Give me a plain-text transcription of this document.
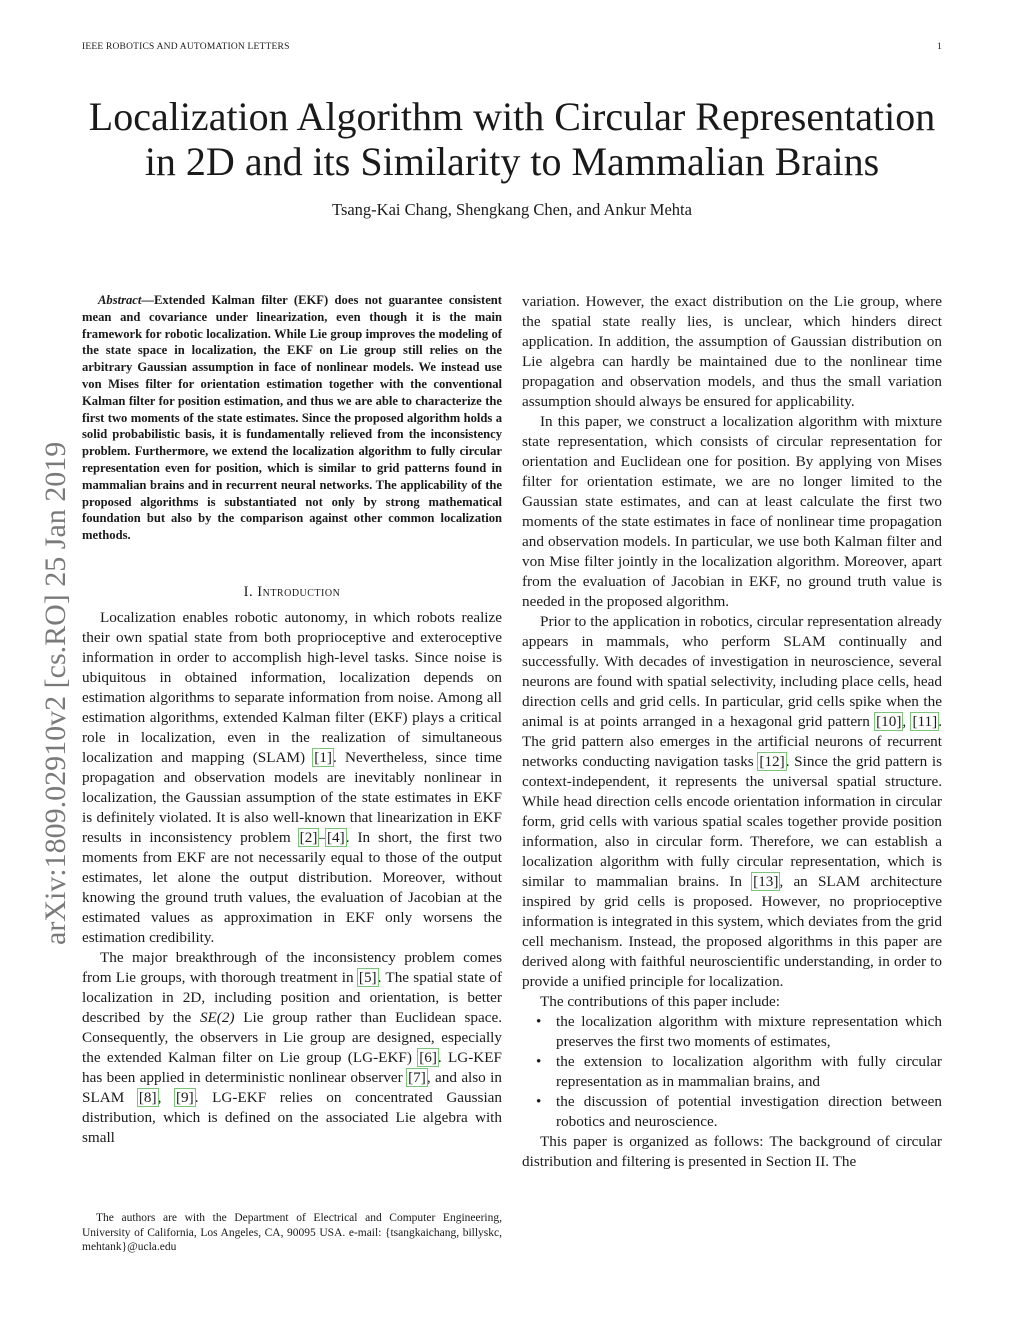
IEEE ROBOTICS AND AUTOMATION LETTERS	1
arXiv:1809.02910v2 [cs.RO] 25 Jan 2019
Localization Algorithm with Circular Representation
in 2D and its Similarity to Mammalian Brains
Tsang-Kai Chang, Shengkang Chen, and Ankur Mehta

Abstract—Extended Kalman filter (EKF) does not guarantee consistent mean and covariance under linearization, even though it is the main framework for robotic localization. While Lie group improves the modeling of the state space in localization, the EKF on Lie group still relies on the arbitrary Gaussian assumption in face of nonlinear models. We instead use von Mises filter for orientation estimation together with the conventional Kalman filter for position estimation, and thus we are able to characterize the first two moments of the state estimates. Since the proposed algorithm holds a solid probabilistic basis, it is fundamentally relieved from the inconsistency problem. Furthermore, we extend the localization algorithm to fully circular representation even for position, which is similar to grid patterns found in mammalian brains and in recurrent neural networks. The applicability of the proposed algorithms is substantiated not only by strong mathematical foundation but also by the comparison against other common localization methods.

I. Introduction

Localization enables robotic autonomy, in which robots realize their own spatial state from both proprioceptive and exteroceptive information in order to accomplish high-level tasks. Since noise is ubiquitous in obtained information, localization depends on estimation algorithms to separate information from noise. Among all estimation algorithms, extended Kalman filter (EKF) plays a critical role in localization, even in the realization of simultaneous localization and mapping (SLAM) [1]. Nevertheless, since time propagation and observation models are inevitably nonlinear in localization, the Gaussian assumption of the state estimates in EKF is definitely violated. It is also well-known that linearization in EKF results in inconsistency problem [2]–[4]. In short, the first two moments from EKF are not necessarily equal to those of the output estimates, let alone the output distribution. Moreover, without knowing the ground truth values, the evaluation of Jacobian at the estimated values as approximation in EKF only worsens the estimation credibility.

The major breakthrough of the inconsistency problem comes from Lie groups, with thorough treatment in [5]. The spatial state of localization in 2D, including position and orientation, is better described by the SE(2) Lie group rather than Euclidean space. Consequently, the observers in Lie group are designed, especially the extended Kalman filter on Lie group (LG-EKF) [6]. LG-KEF has been applied in deterministic nonlinear observer [7], and also in SLAM [8], [9]. LG-EKF relies on concentrated Gaussian distribution, which is defined on the associated Lie algebra with small

variation. However, the exact distribution on the Lie group, where the spatial state really lies, is unclear, which hinders direct application. In addition, the assumption of Gaussian distribution on Lie algebra can hardly be maintained due to the nonlinear time propagation and observation models, and thus the small variation assumption should always be ensured for applicability.

In this paper, we construct a localization algorithm with mixture state representation, which consists of circular representation for orientation and Euclidean one for position. By applying von Mises filter for orientation estimate, we are no longer limited to the Gaussian state estimates, and can at least calculate the first two moments of the state estimates in face of nonlinear time propagation and observation models. In particular, we use both Kalman filter and von Mise filter jointly in the localization algorithm. Moreover, apart from the evaluation of Jacobian in EKF, no ground truth value is needed in the proposed algorithm.

Prior to the application in robotics, circular representation already appears in mammals, who perform SLAM continually and successfully. With decades of investigation in neuroscience, several neurons are found with spatial selectivity, including place cells, head direction cells and grid cells. In particular, grid cells spike when the animal is at points arranged in a hexagonal grid pattern [10], [11]. The grid pattern also emerges in the artificial neurons of recurrent networks conducting navigation tasks [12]. Since the grid pattern is context-independent, it represents the universal spatial structure. While head direction cells encode orientation information in circular form, grid cells with various spatial scales together provide position information, also in circular form. Therefore, we can establish a localization algorithm with fully circular representation, which is similar to mammalian brains. In [13], an SLAM architecture inspired by grid cells is proposed. However, no proprioceptive information is integrated in this system, which deviates from the grid cell mechanism. Instead, the proposed algorithms in this paper are derived along with faithful neuroscientific understanding, in order to provide a unified principle for localization.

The contributions of this paper include:

• the localization algorithm with mixture representation which preserves the first two moments of estimates,
• the extension to localization algorithm with fully circular representation as in mammalian brains, and
• the discussion of potential investigation direction between robotics and neuroscience.

This paper is organized as follows: The background of circular distribution and filtering is presented in Section II. The

The authors are with the Department of Electrical and Computer Engineering, University of California, Los Angeles, CA, 90095 USA. e-mail: {tsangkaichang, billyskc, mehtank}@ucla.edu
